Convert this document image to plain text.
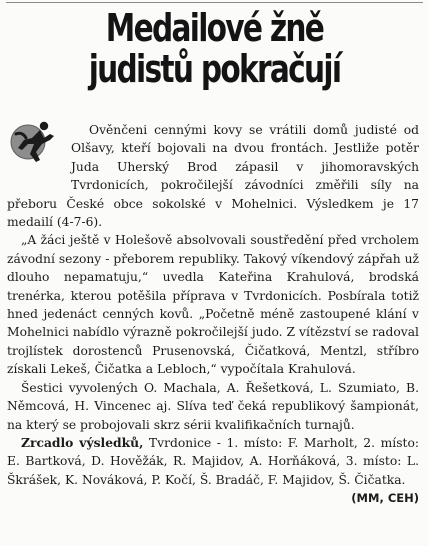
Medailové žně
judistů pokračují

Ověnčeni cennými kovy se vrátili domů judisté od Olšavy, kteří bojovali na dvou frontách. Jestliže potěr Juda Uherský Brod zápasil v jihomoravských Tvrdonicích, pokročilejší závodníci změřili síly na přeboru České obce sokolské v Mohelnici. Výsledkem je 17 medailí (4-7-6).

„A žáci ještě v Holešově absolvovali soustředění před vrcholem závodní sezony - přeborem republiky. Takový víkendový zápřah už dlouho nepamatuju,“ uvedla Kateřina Krahulová, brodská trenérka, kterou potěšila příprava v Tvrdonicích. Posbírala totiž hned jedenáct cenných kovů. „Početně méně zastoupené klání v Mohelnici nabídlo výrazně pokročilejší judo. Z vítězství se radoval trojlístek dorostenců Prusenovská, Čičatková, Mentzl, stříbro získali Lekeš, Čičatka a Lebloch,“ vypočítala Krahulová.

Šestici vyvolených O. Machala, A. Řešetková, L. Szumiato, B. Němcová, H. Vincenec aj. Slíva teď čeká republikový šampionát, na který se probojovali skrz sérii kvalifikačních turnajů.

Zrcadlo výsledků, Tvrdonice - 1. místo: F. Marholt, 2. místo: E. Bartková, D. Hověžák, R. Majidov, A. Horňáková, 3. místo: L. Škrášek, K. Nováková, P. Kočí, Š. Bradáč, F. Majidov, Š. Čičatka.
(MM, CEH)
